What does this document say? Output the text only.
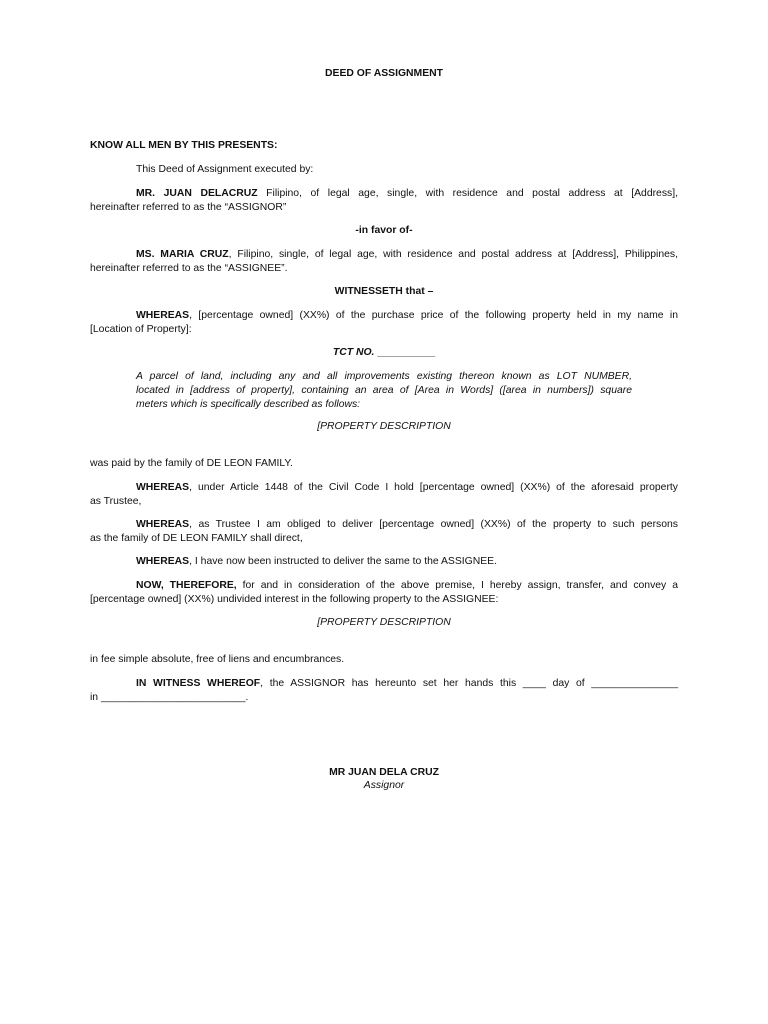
DEED OF ASSIGNMENT
KNOW ALL MEN BY THIS PRESENTS:
This Deed of Assignment executed by:
MR. JUAN DELACRUZ Filipino, of legal age, single, with residence and postal address at [Address],
hereinafter referred to as the “ASSIGNOR”
-in favor of-
MS. MARIA CRUZ, Filipino, single, of legal age, with residence and postal address at [Address], Philippines,
hereinafter referred to as the “ASSIGNEE”.
WITNESSETH that –
WHEREAS, [percentage owned] (XX%) of the purchase price of the following property held in my name in
[Location of Property]:
TCT NO. __________
A parcel of land, including any and all improvements existing thereon known as LOT NUMBER,
located in [address of property], containing an area of [Area in Words] ([area in numbers]) square
meters which is specifically described as follows:
[PROPERTY DESCRIPTION
was paid by the family of DE LEON FAMILY.
WHEREAS, under Article 1448 of the Civil Code I hold [percentage owned] (XX%) of the aforesaid property
as Trustee,
WHEREAS, as Trustee I am obliged to deliver [percentage owned] (XX%) of the property to such persons
as the family of DE LEON FAMILY shall direct,
WHEREAS, I have now been instructed to deliver the same to the ASSIGNEE.
NOW, THEREFORE, for and in consideration of the above premise, I hereby assign, transfer, and convey a
[percentage owned] (XX%) undivided interest in the following property to the ASSIGNEE:
[PROPERTY DESCRIPTION
in fee simple absolute, free of liens and encumbrances.
IN WITNESS WHEREOF, the ASSIGNOR has hereunto set her hands this ____ day of _______________
in _________________________.
MR JUAN DELA CRUZ
Assignor
